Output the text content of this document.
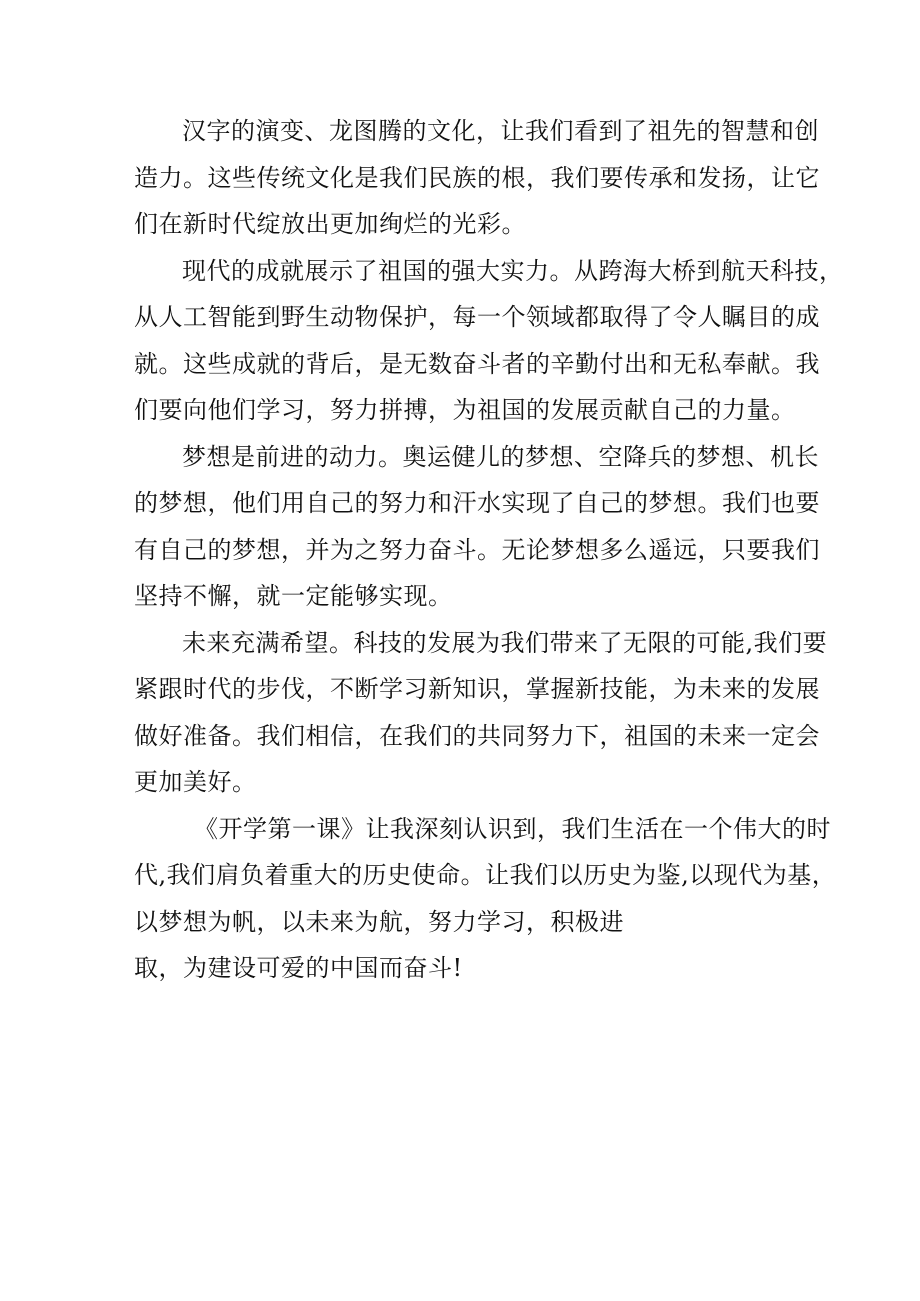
汉字的演变、龙图腾的文化，让我们看到了祖先的智慧和创
造力。这些传统文化是我们民族的根，我们要传承和发扬，让它
们在新时代绽放出更加绚烂的光彩。
现代的成就展示了祖国的强大实力。从跨海大桥到航天科技，
从人工智能到野生动物保护，每一个领域都取得了令人瞩目的成
就。这些成就的背后，是无数奋斗者的辛勤付出和无私奉献。我
们要向他们学习，努力拼搏，为祖国的发展贡献自己的力量。
梦想是前进的动力。奥运健儿的梦想、空降兵的梦想、机长
的梦想，他们用自己的努力和汗水实现了自己的梦想。我们也要
有自己的梦想，并为之努力奋斗。无论梦想多么遥远，只要我们
坚持不懈，就一定能够实现。
未来充满希望。科技的发展为我们带来了无限的可能,我们要
紧跟时代的步伐，不断学习新知识，掌握新技能，为未来的发展
做好准备。我们相信，在我们的共同努力下，祖国的未来一定会
更加美好。
《开学第一课》让我深刻认识到，我们生活在一个伟大的时
代,我们肩负着重大的历史使命。让我们以历史为鉴,以现代为基，
以梦想为帆，以未来为航，努力学习，积极进
取，为建设可爱的中国而奋斗!
